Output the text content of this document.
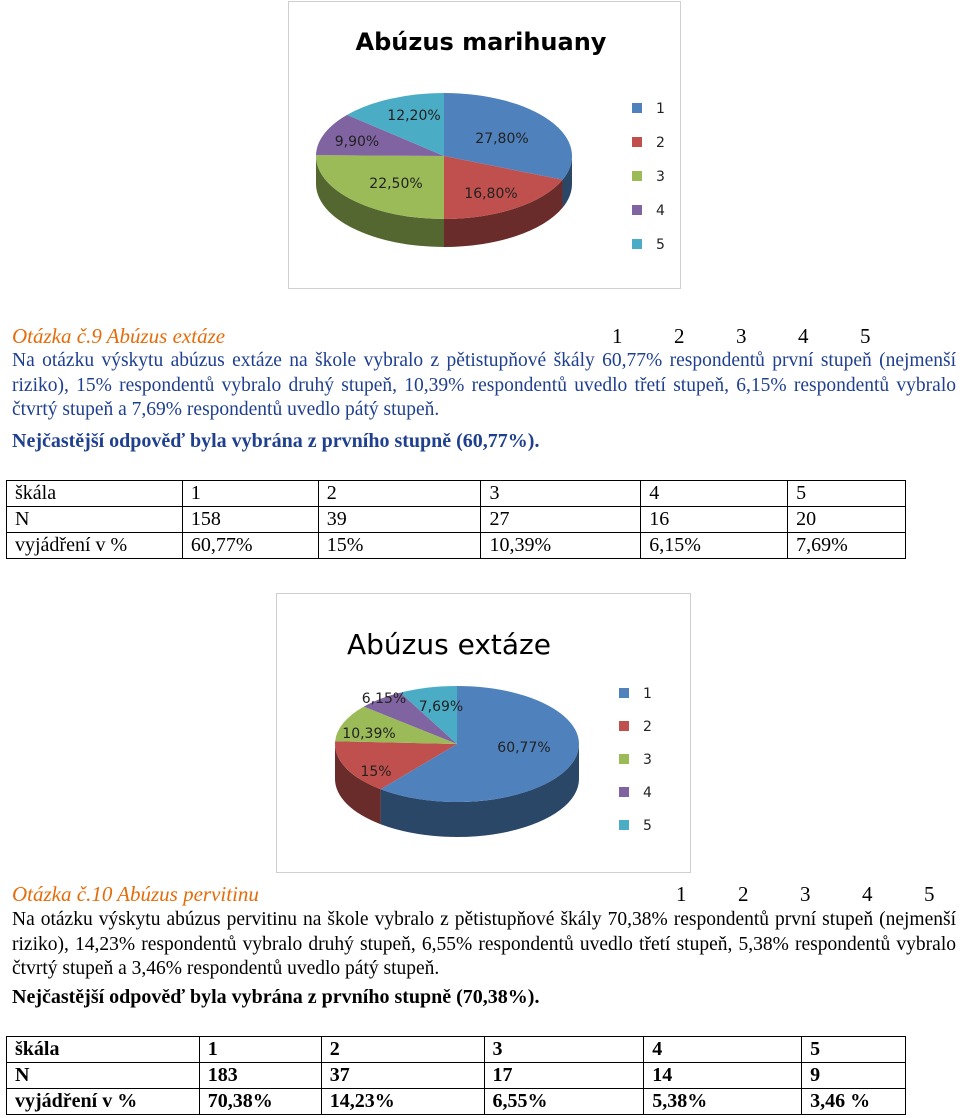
Abúzus marihuany
27,80%
16,80%
22,50%
9,90%
12,20%	1
2
3
4
5
Otázka č.9 Abúzus extáze	1	2	3	4	5
Na otázku výskytu abúzus extáze na škole vybralo z pětistupňové škály 60,77% respondentů první stupeň (nejmenší riziko), 15% respondentů vybralo druhý stupeň, 10,39% respondentů uvedlo třetí stupeň, 6,15% respondentů vybralo čtvrtý stupeň a 7,69% respondentů uvedlo pátý stupeň.
Nejčastější odpověď byla vybrána z prvního stupně (60,77%).
škála	1	2	3	4	5
N	158	39	27	16	20
vyjádření v %	60,77%	15%	10,39%	6,15%	7,69%
Abúzus extáze
60,77%
15%
10,39%
6,15% 7,69%
1
2
3
4
5
Otázka č.10 Abúzus pervitinu	1	2	3	4	5
Na otázku výskytu abúzus pervitinu na škole vybralo z pětistupňové škály 70,38% respondentů první stupeň (nejmenší riziko), 14,23% respondentů vybralo druhý stupeň, 6,55% respondentů uvedlo třetí stupeň, 5,38% respondentů vybralo čtvrtý stupeň a 3,46% respondentů uvedlo pátý stupeň.
Nejčastější odpověď byla vybrána z prvního stupně (70,38%).
škála	1	2	3	4	5
N	183	37	17	14	9
vyjádření v %	70,38%	14,23%	6,55%	5,38%	3,46 %
